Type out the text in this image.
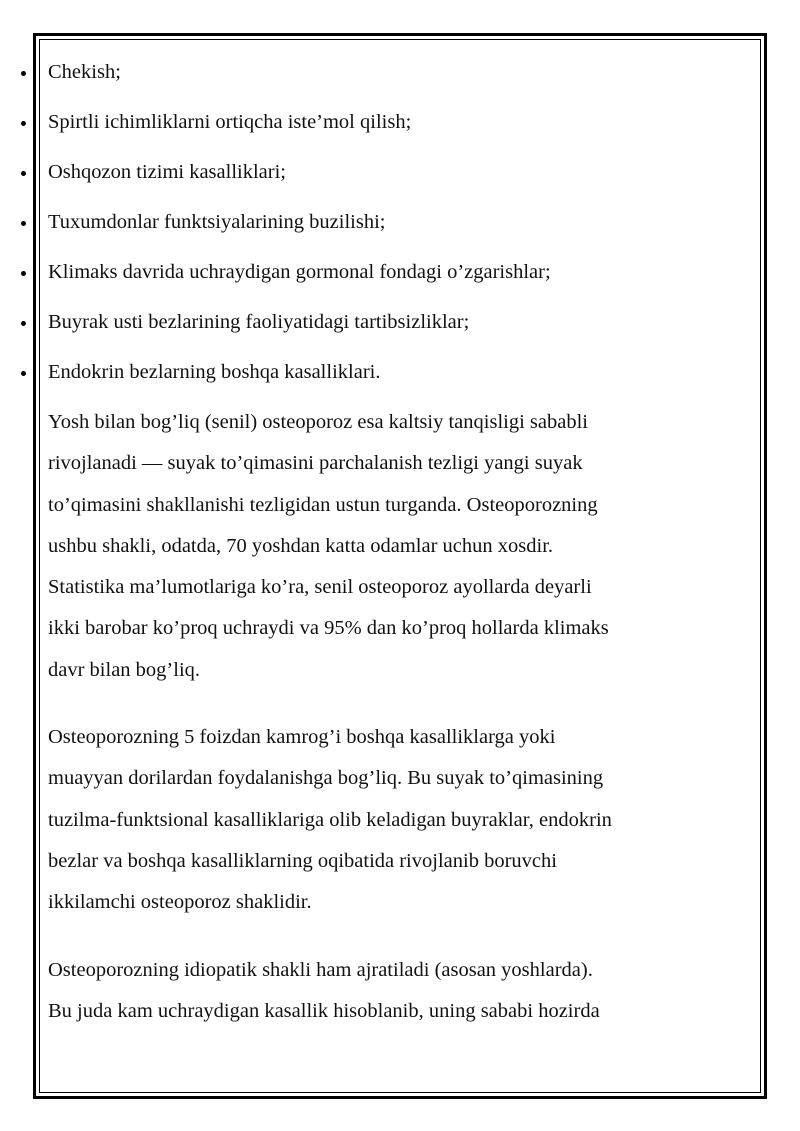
Chekish;
Spirtli ichimliklarni ortiqcha iste’mol qilish;
Oshqozon tizimi kasalliklari;
Tuxumdonlar funktsiyalarining buzilishi;
Klimaks davrida uchraydigan gormonal fondagi o’zgarishlar;
Buyrak usti bezlarining faoliyatidagi tartibsizliklar;
Endokrin bezlarning boshqa kasalliklari.

Yosh bilan bog’liq (senil) osteoporoz esa kaltsiy tanqisligi sababli
rivojlanadi — suyak to’qimasini parchalanish tezligi yangi suyak
to’qimasini shakllanishi tezligidan ustun turganda. Osteoporozning
ushbu shakli, odatda, 70 yoshdan katta odamlar uchun xosdir.
Statistika ma’lumotlariga ko’ra, senil osteoporoz ayollarda deyarli
ikki barobar ko’proq uchraydi va 95% dan ko’proq hollarda klimaks
davr bilan bog’liq.

Osteoporozning 5 foizdan kamrog’i boshqa kasalliklarga yoki
muayyan dorilardan foydalanishga bog’liq. Bu suyak to’qimasining
tuzilma-funktsional kasalliklariga olib keladigan buyraklar, endokrin
bezlar va boshqa kasalliklarning oqibatida rivojlanib boruvchi
ikkilamchi osteoporoz shaklidir.

Osteoporozning idiopatik shakli ham ajratiladi (asosan yoshlarda).
Bu juda kam uchraydigan kasallik hisoblanib, uning sababi hozirda
